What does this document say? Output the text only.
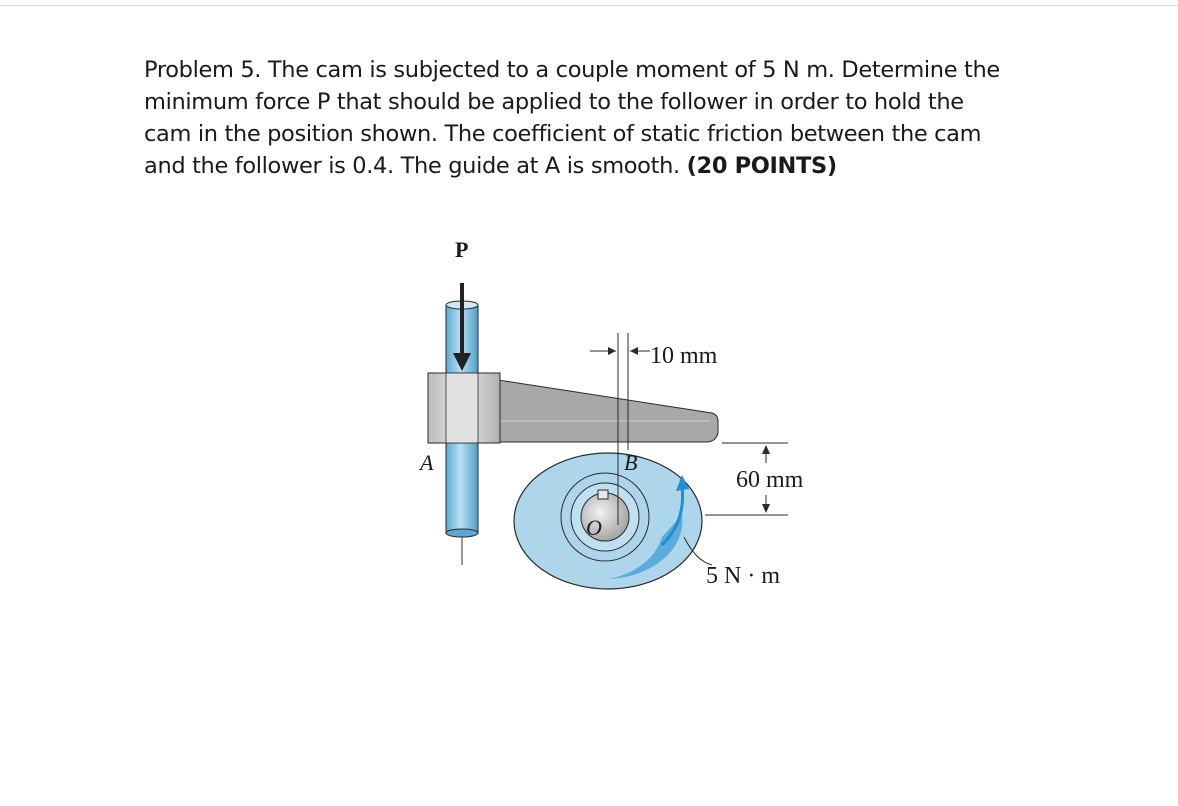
Problem 5. The cam is subjected to a couple moment of 5 N m. Determine the
minimum force P that should be applied to the follower in order to hold the
cam in the position shown. The coefficient of static friction between the cam
and the follower is 0.4. The guide at A is smooth. (20 POINTS)
P
A
O
B
10 mm
60 mm
5 N · m
